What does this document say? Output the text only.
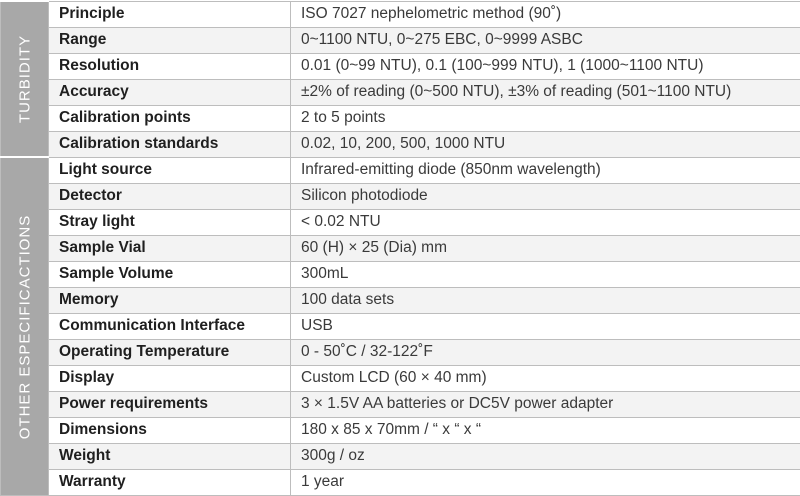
TURBIDITY	Principle	ISO 7027 nephelometric method (90˚)
	Range	0~1100 NTU, 0~275 EBC, 0~9999 ASBC
	Resolution	0.01 (0~99 NTU), 0.1 (100~999 NTU), 1 (1000~1100 NTU)
	Accuracy	±2% of reading (0~500 NTU), ±3% of reading (501~1100 NTU)
	Calibration points	2 to 5 points
	Calibration standards	0.02, 10, 200, 500, 1000 NTU

OTHER ESPECIFICACTIONS	Light source	Infrared-emitting diode (850nm wavelength)
	Detector	Silicon photodiode
	Stray light	< 0.02 NTU
	Sample Vial	60 (H) × 25 (Dia) mm
	Sample Volume	300mL
	Memory	100 data sets
	Communication Interface	USB
	Operating Temperature	0 - 50˚C / 32-122˚F
	Display	Custom LCD (60 × 40 mm)
	Power requirements	3 × 1.5V AA batteries or DC5V power adapter
	Dimensions	180 x 85 x 70mm / “ x “ x “
	Weight	300g / oz
	Warranty	1 year
